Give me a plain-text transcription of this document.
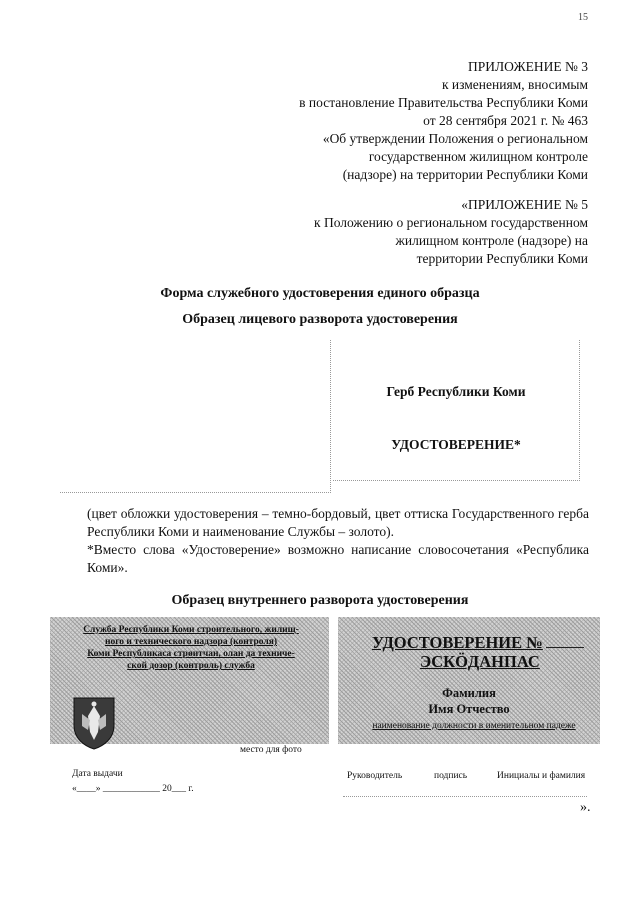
15
ПРИЛОЖЕНИЕ № 3
к изменениям, вносимым
в постановление Правительства Республики Коми
от 28 сентября 2021 г. № 463
«Об утверждении Положения о региональном
государственном жилищном контроле
(надзоре) на территории Республики Коми
«ПРИЛОЖЕНИЕ № 5
к Положению о региональном государственном
жилищном контроле (надзоре) на
территории Республики Коми
Форма служебного удостоверения единого образца
Образец лицевого разворота удостоверения
Герб Республики Коми
УДОСТОВЕРЕНИЕ*
(цвет обложки удостоверения – темно-бордовый, цвет оттиска Государственного герба Республики Коми и наименование Службы – золото).
*Вместо слова «Удостоверение» возможно написание словосочетания «Республика Коми».
Образец внутреннего разворота удостоверения
Служба Республики Коми строительного, жилищ-
ного и технического надзора (контроля)
Коми Республикаса стрøитчан, олан да техниче-
ской дозор (контроль) служба
место для фото
УДОСТОВЕРЕНИЕ №
ЭСКÖДАНПАС
Фамилия
Имя Отчество
наименование должности в именительном падеже
Дата выдачи
«____» ____________ 20___ г.
Руководитель	подпись	Инициалы и фамилия
».
